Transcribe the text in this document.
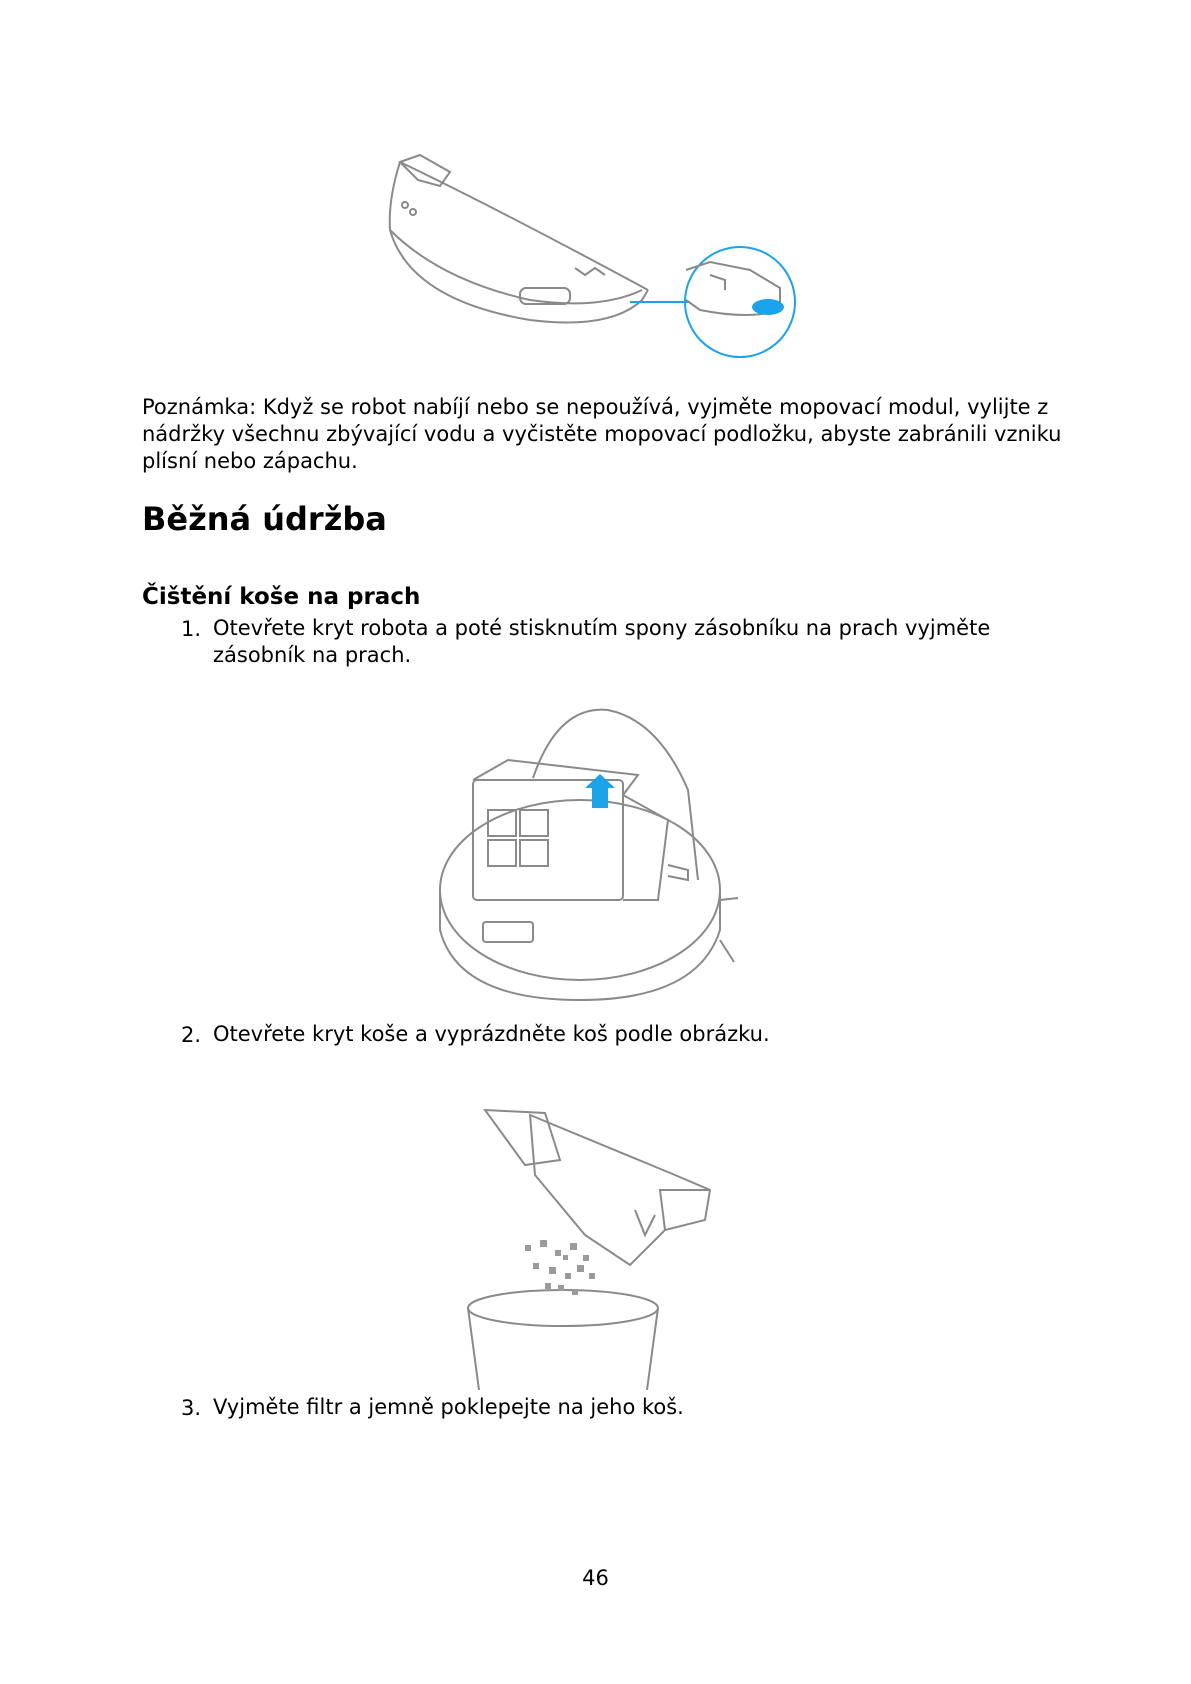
Poznámka: Když se robot nabíjí nebo se nepoužívá, vyjměte mopovací modul, vylijte z nádržky všechnu zbývající vodu a vyčistěte mopovací podložku, abyste zabránili vzniku plísní nebo zápachu.
Běžná údržba
Čištění koše na prach
1. Otevřete kryt robota a poté stisknutím spony zásobníku na prach vyjměte zásobník na prach.
2. Otevřete kryt koše a vyprázdněte koš podle obrázku.
3. Vyjměte filtr a jemně poklepejte na jeho koš.
46
